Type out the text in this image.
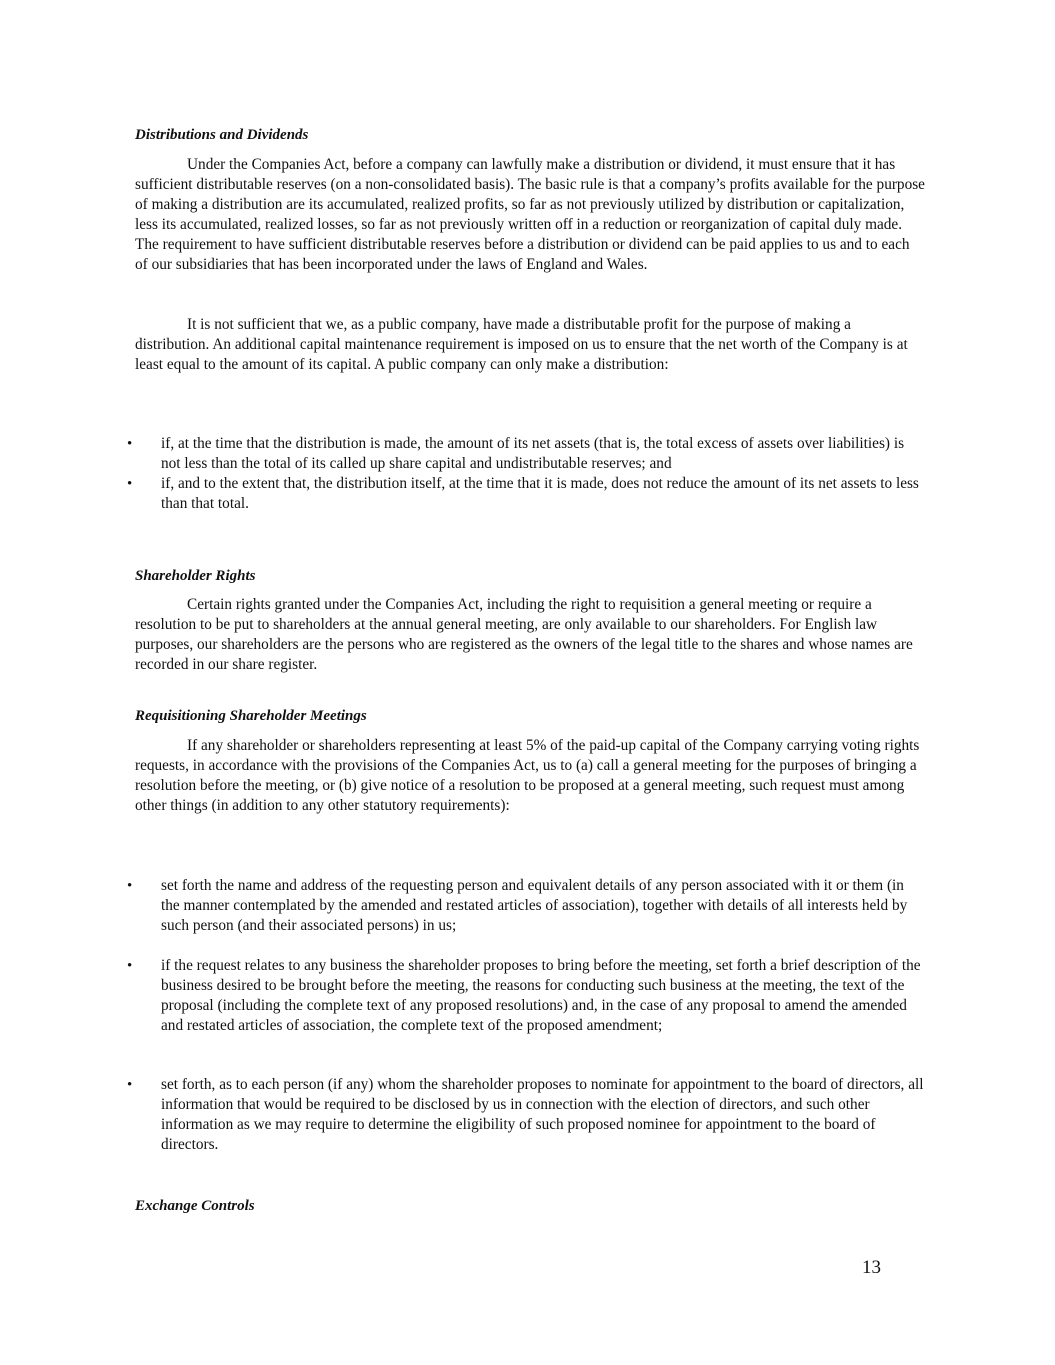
Distributions and Dividends

Under the Companies Act, before a company can lawfully make a distribution or dividend, it must ensure that it has sufficient distributable reserves (on a non-consolidated basis). The basic rule is that a company’s profits available for the purpose of making a distribution are its accumulated, realized profits, so far as not previously utilized by distribution or capitalization, less its accumulated, realized losses, so far as not previously written off in a reduction or reorganization of capital duly made. The requirement to have sufficient distributable reserves before a distribution or dividend can be paid applies to us and to each of our subsidiaries that has been incorporated under the laws of England and Wales.

It is not sufficient that we, as a public company, have made a distributable profit for the purpose of making a distribution. An additional capital maintenance requirement is imposed on us to ensure that the net worth of the Company is at least equal to the amount of its capital. A public company can only make a distribution:

• if, at the time that the distribution is made, the amount of its net assets (that is, the total excess of assets over liabilities) is not less than the total of its called up share capital and undistributable reserves; and

• if, and to the extent that, the distribution itself, at the time that it is made, does not reduce the amount of its net assets to less than that total.

Shareholder Rights

Certain rights granted under the Companies Act, including the right to requisition a general meeting or require a resolution to be put to shareholders at the annual general meeting, are only available to our shareholders. For English law purposes, our shareholders are the persons who are registered as the owners of the legal title to the shares and whose names are recorded in our share register.

Requisitioning Shareholder Meetings

If any shareholder or shareholders representing at least 5% of the paid-up capital of the Company carrying voting rights requests, in accordance with the provisions of the Companies Act, us to (a) call a general meeting for the purposes of bringing a resolution before the meeting, or (b) give notice of a resolution to be proposed at a general meeting, such request must among other things (in addition to any other statutory requirements):

• set forth the name and address of the requesting person and equivalent details of any person associated with it or them (in the manner contemplated by the amended and restated articles of association), together with details of all interests held by such person (and their associated persons) in us;

• if the request relates to any business the shareholder proposes to bring before the meeting, set forth a brief description of the business desired to be brought before the meeting, the reasons for conducting such business at the meeting, the text of the proposal (including the complete text of any proposed resolutions) and, in the case of any proposal to amend the amended and restated articles of association, the complete text of the proposed amendment;

• set forth, as to each person (if any) whom the shareholder proposes to nominate for appointment to the board of directors, all information that would be required to be disclosed by us in connection with the election of directors, and such other information as we may require to determine the eligibility of such proposed nominee for appointment to the board of directors.

Exchange Controls
13
